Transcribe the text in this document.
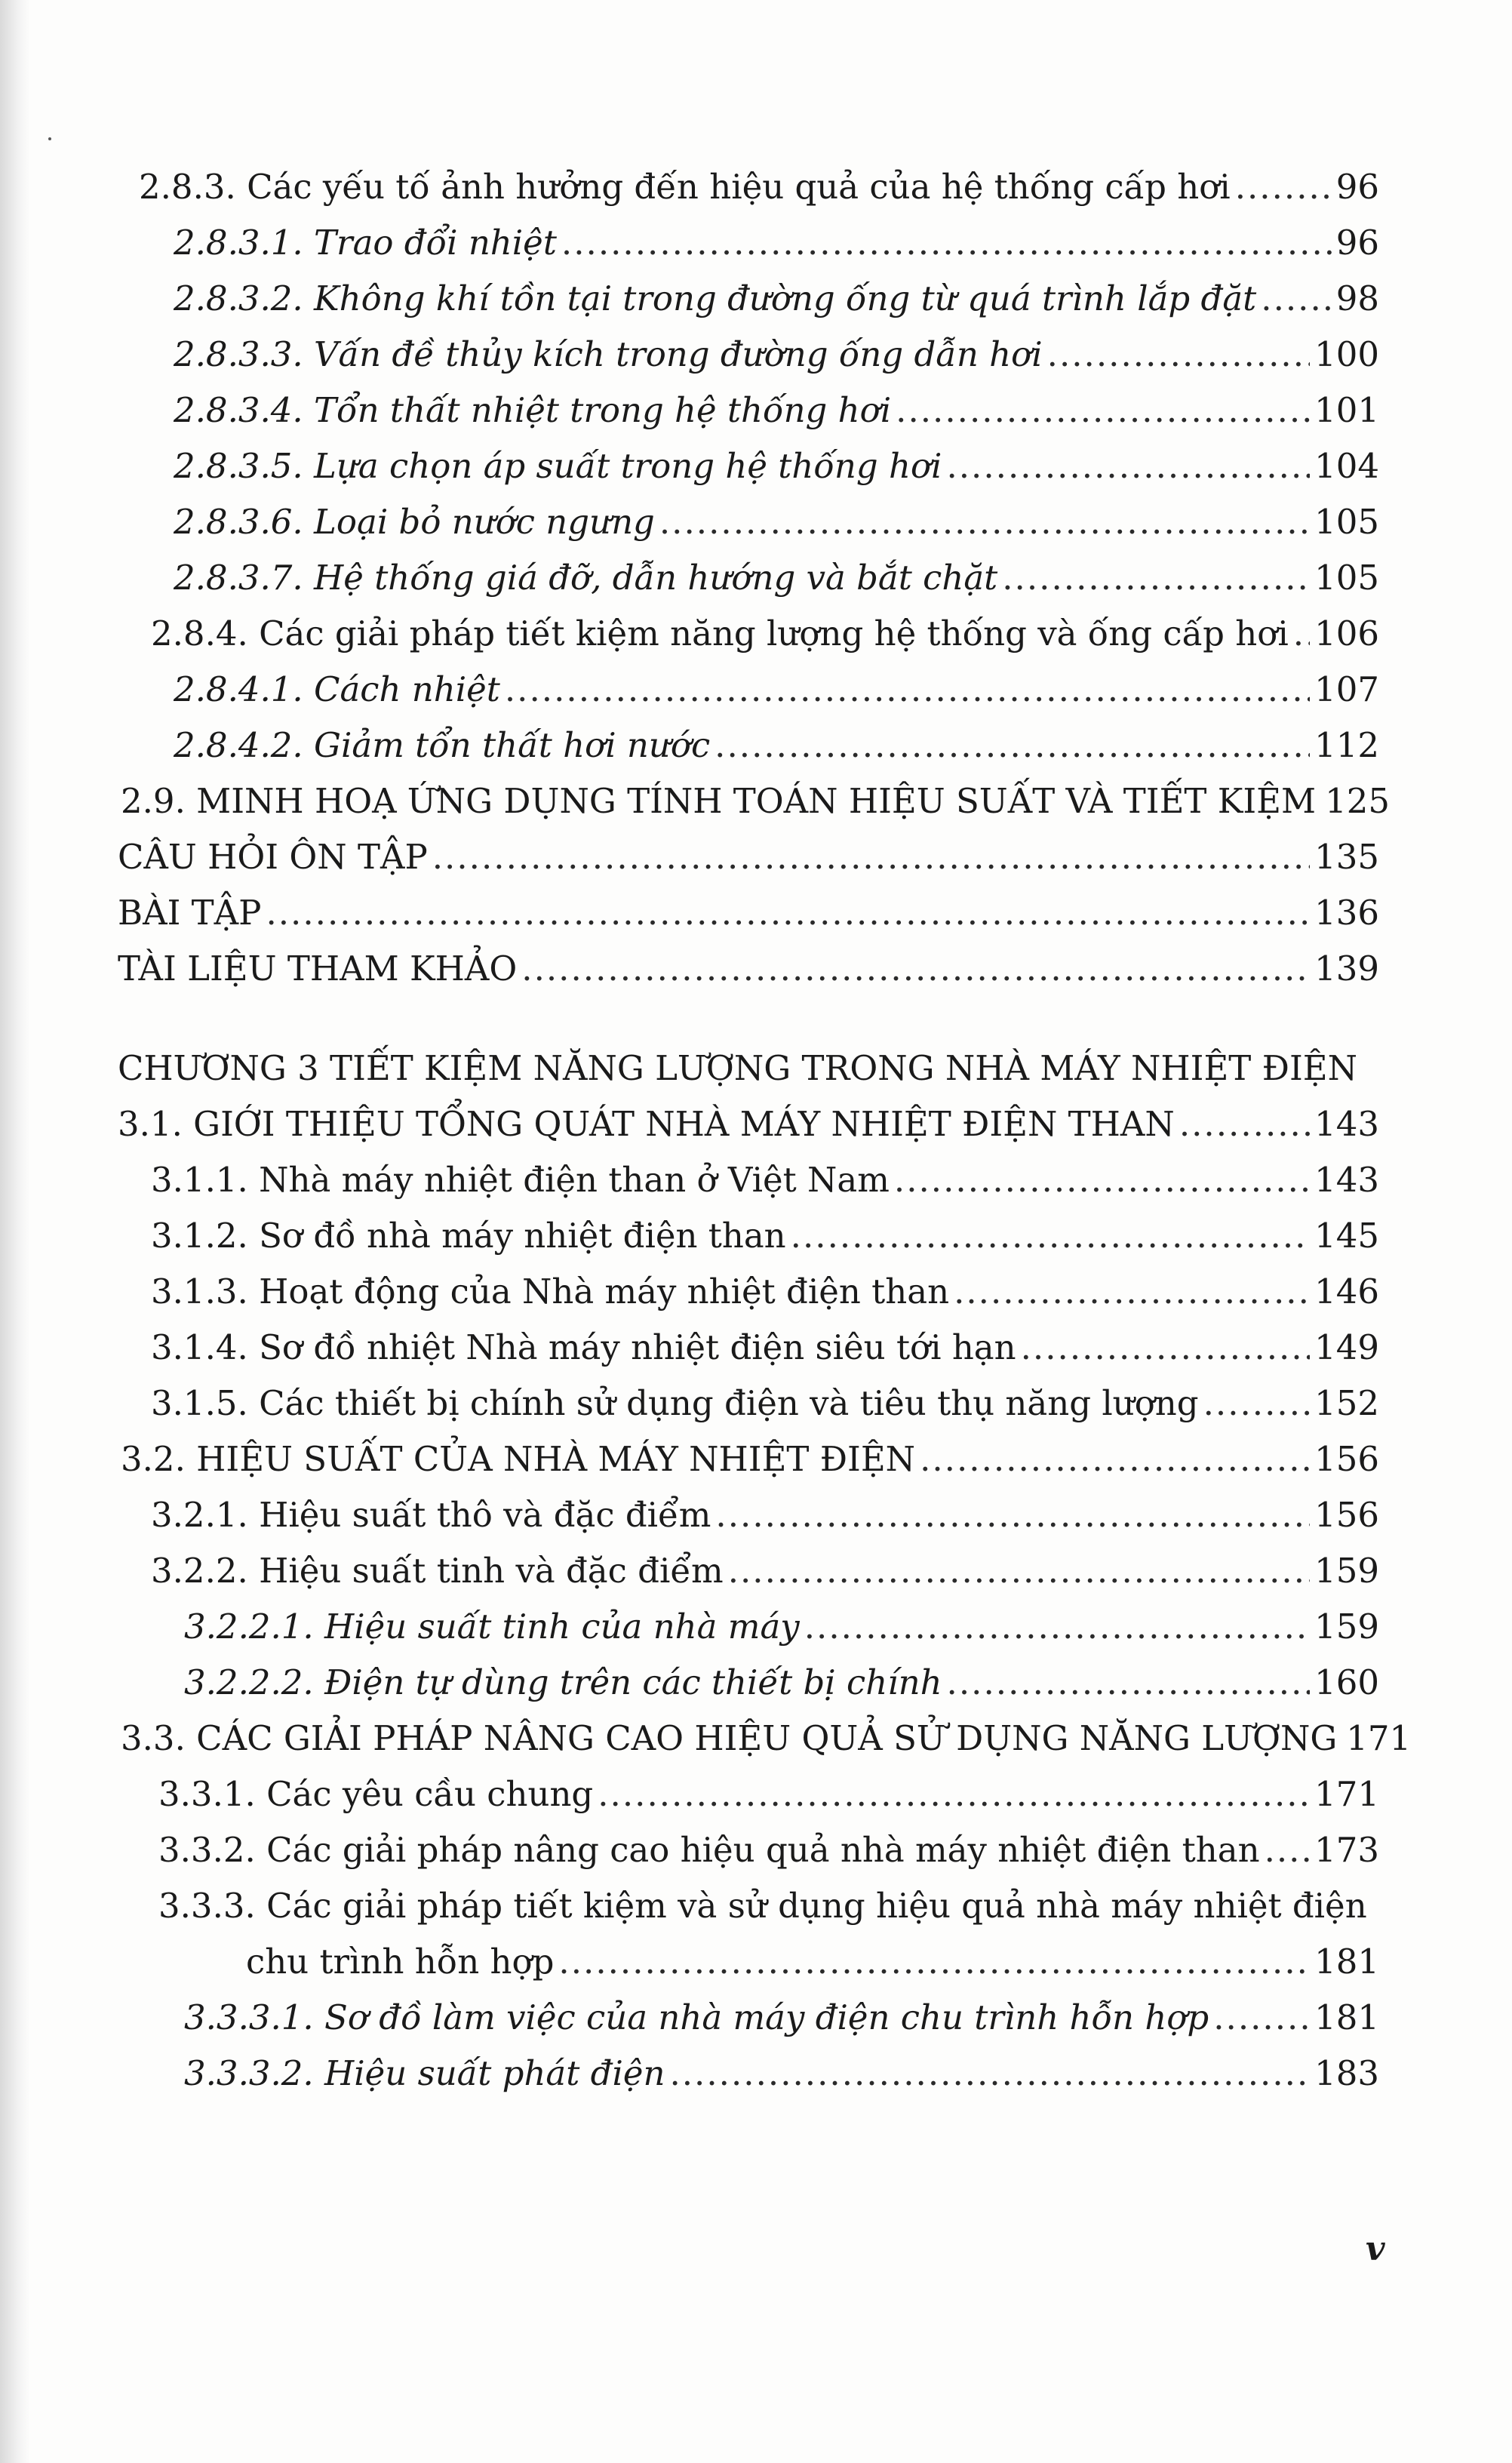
2.8.3. Các yếu tố ảnh hưởng đến hiệu quả của hệ thống cấp hơi .....	96
2.8.3.1. Trao đổi nhiệt .....	96
2.8.3.2. Không khí tồn tại trong đường ống từ quá trình lắp đặt ..... 98
2.8.3.3. Vấn đề thủy kích trong đường ống dẫn hơi .....	100
2.8.3.4. Tổn thất nhiệt trong hệ thống hơi .....	101
2.8.3.5. Lựa chọn áp suất trong hệ thống hơi .....	104
2.8.3.6. Loại bỏ nước ngưng .....	105
2.8.3.7. Hệ thống giá đỡ, dẫn hướng và bắt chặt .....	105
2.8.4. Các giải pháp tiết kiệm năng lượng hệ thống và ống cấp hơi ..... 106
2.8.4.1. Cách nhiệt .....	107
2.8.4.2. Giảm tổn thất hơi nước .....	112
2.9. MINH HOẠ ỨNG DỤNG TÍNH TOÁN HIỆU SUẤT VÀ TIẾT KIỆM 125
CÂU HỎI ÔN TẬP .....	135
BÀI TẬP .....	136
TÀI LIỆU THAM KHẢO .....	139
CHƯƠNG 3 TIẾT KIỆM NĂNG LƯỢNG TRONG NHÀ MÁY NHIỆT ĐIỆN
3.1. GIỚI THIỆU TỔNG QUÁT NHÀ MÁY NHIỆT ĐIỆN THAN .....	143
3.1.1. Nhà máy nhiệt điện than ở Việt Nam .....	143
3.1.2. Sơ đồ nhà máy nhiệt điện than .....	145
3.1.3. Hoạt động của Nhà máy nhiệt điện than .....	146
3.1.4. Sơ đồ nhiệt Nhà máy nhiệt điện siêu tới hạn .....	149
3.1.5. Các thiết bị chính sử dụng điện và tiêu thụ năng lượng .....	152
3.2. HIỆU SUẤT CỦA NHÀ MÁY NHIỆT ĐIỆN .....	156
3.2.1. Hiệu suất thô và đặc điểm .....	156
3.2.2. Hiệu suất tinh và đặc điểm .....	159
3.2.2.1. Hiệu suất tinh của nhà máy .....	159
3.2.2.2. Điện tự dùng trên các thiết bị chính .....	160
3.3. CÁC GIẢI PHÁP NÂNG CAO HIỆU QUẢ SỬ DỤNG NĂNG LƯỢNG 171
3.3.1. Các yêu cầu chung .....	171
3.3.2. Các giải pháp nâng cao hiệu quả nhà máy nhiệt điện than ..... 173
3.3.3. Các giải pháp tiết kiệm và sử dụng hiệu quả nhà máy nhiệt điện
chu trình hỗn hợp .....	181
3.3.3.1. Sơ đồ làm việc của nhà máy điện chu trình hỗn hợp .....	181
3.3.3.2. Hiệu suất phát điện .....	183
v
